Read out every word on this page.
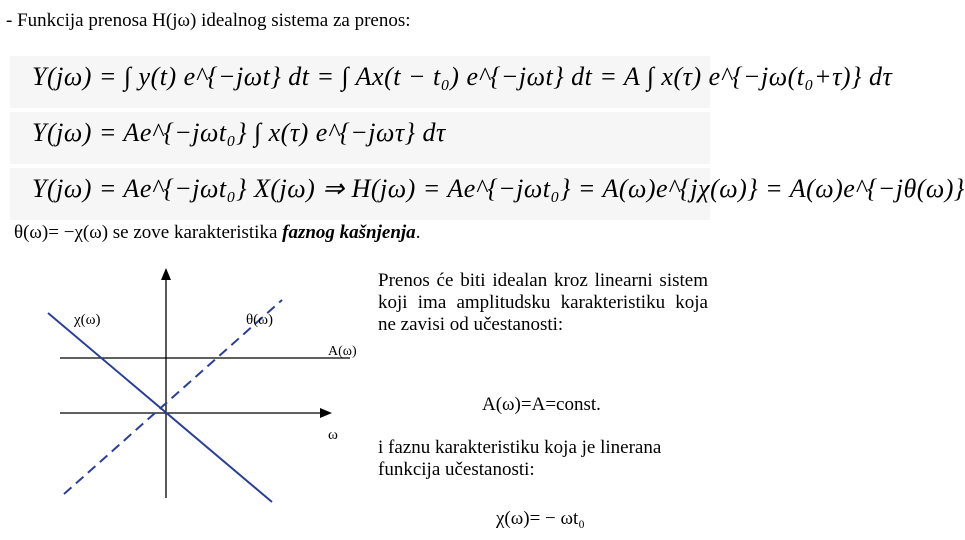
- Funkcija prenosa H(jω) idealnog sistema za prenos:
Y(jω) = ∫ y(t) e^{−jωt} dt = ∫ Ax(t − t₀) e^{−jωt} dt = A ∫ x(τ) e^{−jω(t₀+τ)} dτ
Y(jω) = Ae^{−jωt₀} ∫ x(τ) e^{−jωτ} dτ
Y(jω) = Ae^{−jωt₀} X(jω) ⇒ H(jω) = Ae^{−jωt₀} = A(ω)e^{jχ(ω)} = A(ω)e^{−jθ(ω)}
θ(ω)= −χ(ω) se zove karakteristika faznog kašnjenja.
χ(ω)	θ(ω)
A(ω)
ω
Prenos će biti idealan kroz linearni sistem koji ima amplitudsku karakteristiku koja ne zavisi od učestanosti:
A(ω)=A=const.
i faznu karakteristiku koja je linerana funkcija učestanosti:
χ(ω)= − ωt₀
